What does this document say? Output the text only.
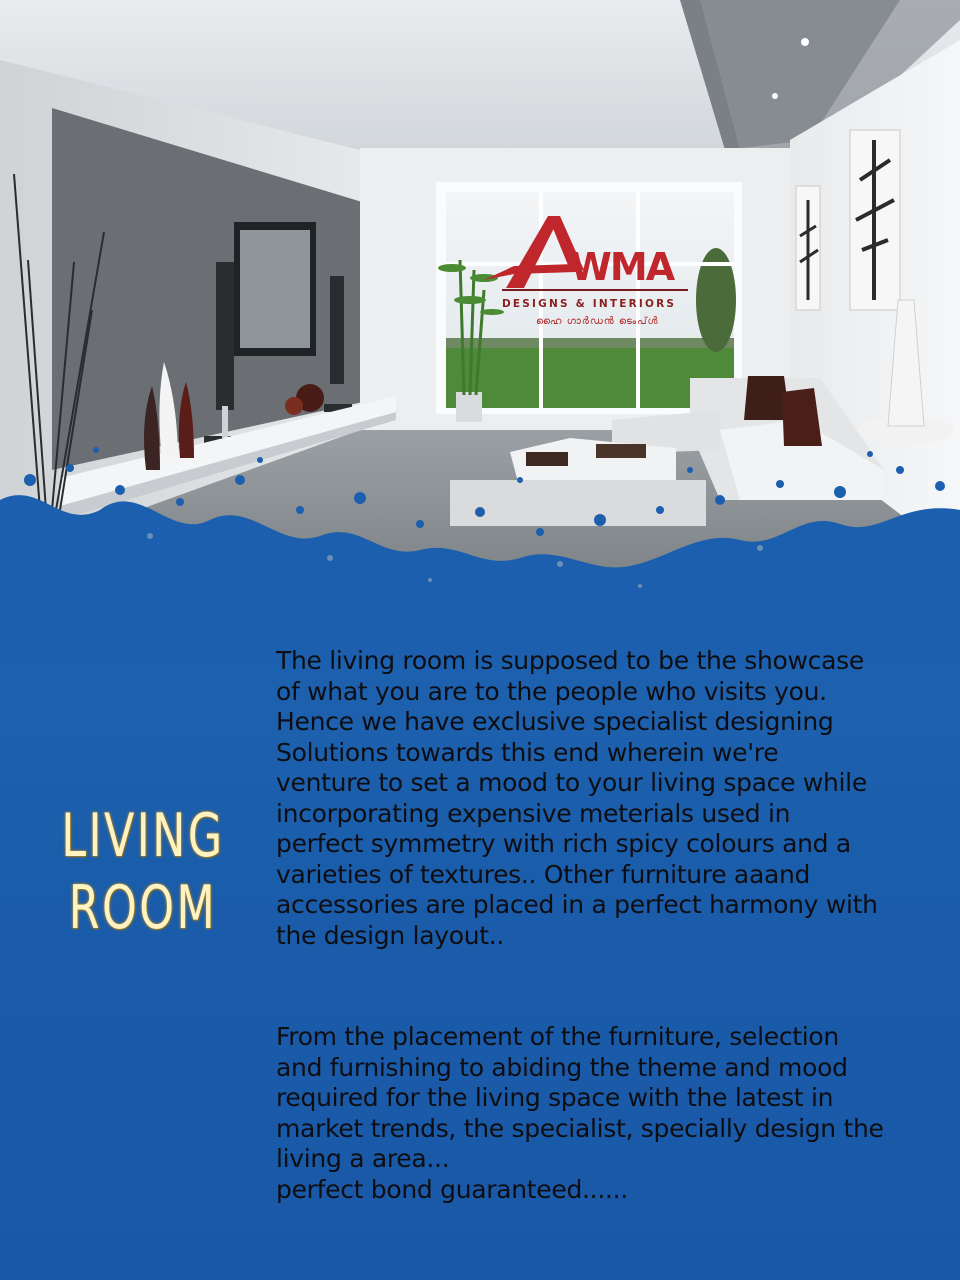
WMA
DESIGNS & INTERIORS
ഹൈ ഗാർഡൻ ടെംപ്ൾ
LIVING
ROOM

The living room is supposed to be the showcase
of what you are to the people who visits you.
Hence we have exclusive specialist designing
Solutions towards this end wherein we're
venture to set a mood to your living space while
incorporating expensive meterials used in
perfect symmetry with rich spicy colours and a
varieties of textures.. Other furniture aaand
accessories are placed in a perfect harmony with
the design layout..

From the placement of the furniture, selection
and furnishing to abiding the theme and mood
required for the living space with the latest in
market trends, the specialist, specially design the
living a area...
perfect bond guaranteed......
